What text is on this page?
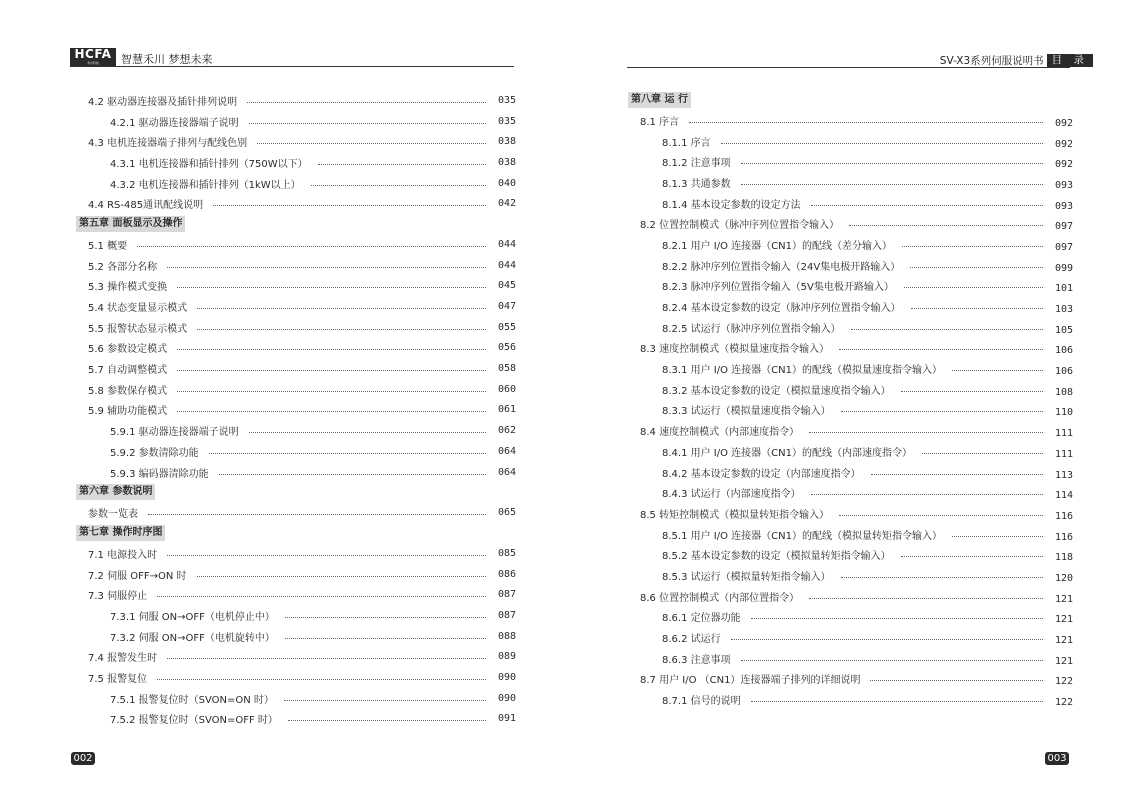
HCFA
禾川科技	智慧禾川 梦想未来
4.2 驱动器连接器及插针排列说明	035
4.2.1 驱动器连接器端子说明	035
4.3 电机连接器端子排列与配线色别	038
4.3.1 电机连接器和插针排列（750W以下）	038
4.3.2 电机连接器和插针排列（1kW以上）	040
4.4 RS-485通讯配线说明	042
第五章 面板显示及操作
5.1 概要	044
5.2 各部分名称	044
5.3 操作模式变换	045
5.4 状态变量显示模式	047
5.5 报警状态显示模式	055
5.6 参数设定模式	056
5.7 自动调整模式	058
5.8 参数保存模式	060
5.9 辅助功能模式	061
5.9.1 驱动器连接器端子说明	062
5.9.2 参数清除功能	064
5.9.3 编码器清除功能	064
第六章 参数说明
参数一览表	065
第七章 操作时序图
7.1 电源投入时	085
7.2 伺服 OFF→ON 时	086
7.3 伺服停止	087
7.3.1 伺服 ON→OFF（电机停止中）	087
7.3.2 伺服 ON→OFF（电机旋转中）	088
7.4 报警发生时	089
7.5 报警复位	090
7.5.1 报警复位时（SVON=ON 时）	090
7.5.2 报警复位时（SVON=OFF 时）	091
002
SV-X3系列伺服说明书 目 录
第八章 运 行
8.1 序言	092
8.1.1 序言	092
8.1.2 注意事项	092
8.1.3 共通参数	093
8.1.4 基本设定参数的设定方法	093
8.2 位置控制模式（脉冲序列位置指令输入）	097
8.2.1 用户 I/O 连接器（CN1）的配线（差分输入）	097
8.2.2 脉冲序列位置指令输入（24V集电极开路输入）	099
8.2.3 脉冲序列位置指令输入（5V集电极开路输入）	101
8.2.4 基本设定参数的设定（脉冲序列位置指令输入）	103
8.2.5 试运行（脉冲序列位置指令输入）	105
8.3 速度控制模式（模拟量速度指令输入）	106
8.3.1 用户 I/O 连接器（CN1）的配线（模拟量速度指令输入）	106
8.3.2 基本设定参数的设定（模拟量速度指令输入）	108
8.3.3 试运行（模拟量速度指令输入）	110
8.4 速度控制模式（内部速度指令）	111
8.4.1 用户 I/O 连接器（CN1）的配线（内部速度指令）	111
8.4.2 基本设定参数的设定（内部速度指令）	113
8.4.3 试运行（内部速度指令）	114
8.5 转矩控制模式（模拟量转矩指令输入）	116
8.5.1 用户 I/O 连接器（CN1）的配线（模拟量转矩指令输入）	116
8.5.2 基本设定参数的设定（模拟量转矩指令输入）	118
8.5.3 试运行（模拟量转矩指令输入）	120
8.6 位置控制模式（内部位置指令）	121
8.6.1 定位器功能	121
8.6.2 试运行	121
8.6.3 注意事项	121
8.7 用户 I/O （CN1）连接器端子排列的详细说明	122
8.7.1 信号的说明	122
003
